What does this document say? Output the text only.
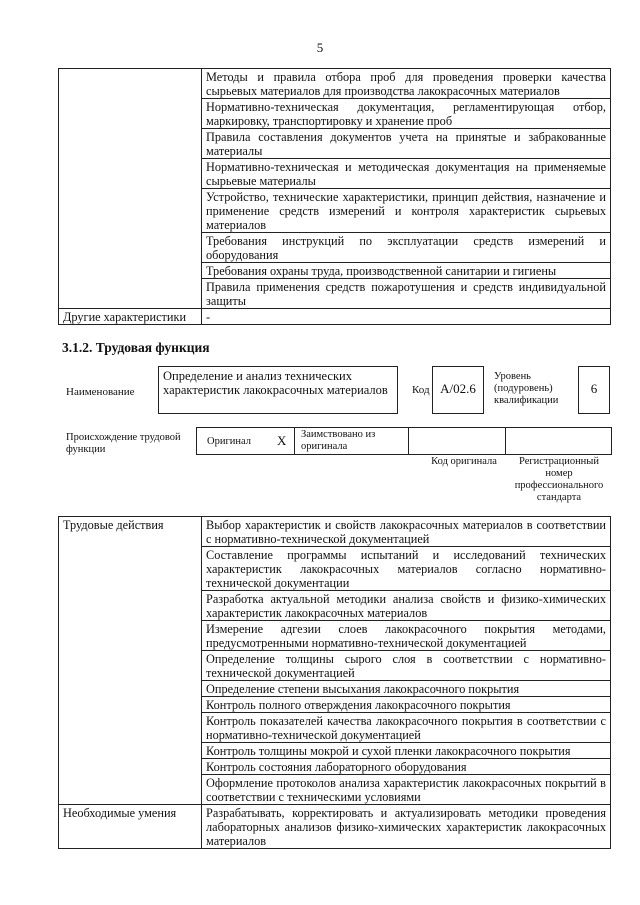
5
	Методы и правила отбора проб для проведения проверки качества сырьевых материалов для производства лакокрасочных материалов
	Нормативно-техническая документация, регламентирующая отбор, маркировку, транспортировку и хранение проб
	Правила составления документов учета на принятые и забракованные материалы
	Нормативно-техническая и методическая документация на применяемые сырьевые материалы
	Устройство, технические характеристики, принцип действия, назначение и применение средств измерений и контроля характеристик сырьевых материалов
	Требования инструкций по эксплуатации средств измерений и оборудования
	Требования охраны труда, производственной санитарии и гигиены
	Правила применения средств пожаротушения и средств индивидуальной защиты
Другие характеристики	-
3.1.2. Трудовая функция
Наименование
Определение и анализ технических характеристик лакокрасочных материалов	Код A/02.6
Уровень (подуровень) квалификации
6
Происхождение трудовой функции
Оригинал X Заимствовано из оригинала
Код оригинала	Регистрационный номер профессионального стандарта
Трудовые действия	Выбор характеристик и свойств лакокрасочных материалов в соответствии с нормативно-технической документацией
	Составление программы испытаний и исследований технических характеристик лакокрасочных материалов согласно нормативно-технической документации
	Разработка актуальной методики анализа свойств и физико-химических характеристик лакокрасочных материалов
	Измерение адгезии слоев лакокрасочного покрытия методами, предусмотренными нормативно-технической документацией
	Определение толщины сырого слоя в соответствии с нормативно-технической документацией
	Определение степени высыхания лакокрасочного покрытия
	Контроль полного отверждения лакокрасочного покрытия
	Контроль показателей качества лакокрасочного покрытия в соответствии с нормативно-технической документацией
	Контроль толщины мокрой и сухой пленки лакокрасочного покрытия
	Контроль состояния лабораторного оборудования
	Оформление протоколов анализа характеристик лакокрасочных покрытий в соответствии с техническими условиями
Необходимые умения	Разрабатывать, корректировать и актуализировать методики проведения лабораторных анализов физико-химических характеристик лакокрасочных материалов
